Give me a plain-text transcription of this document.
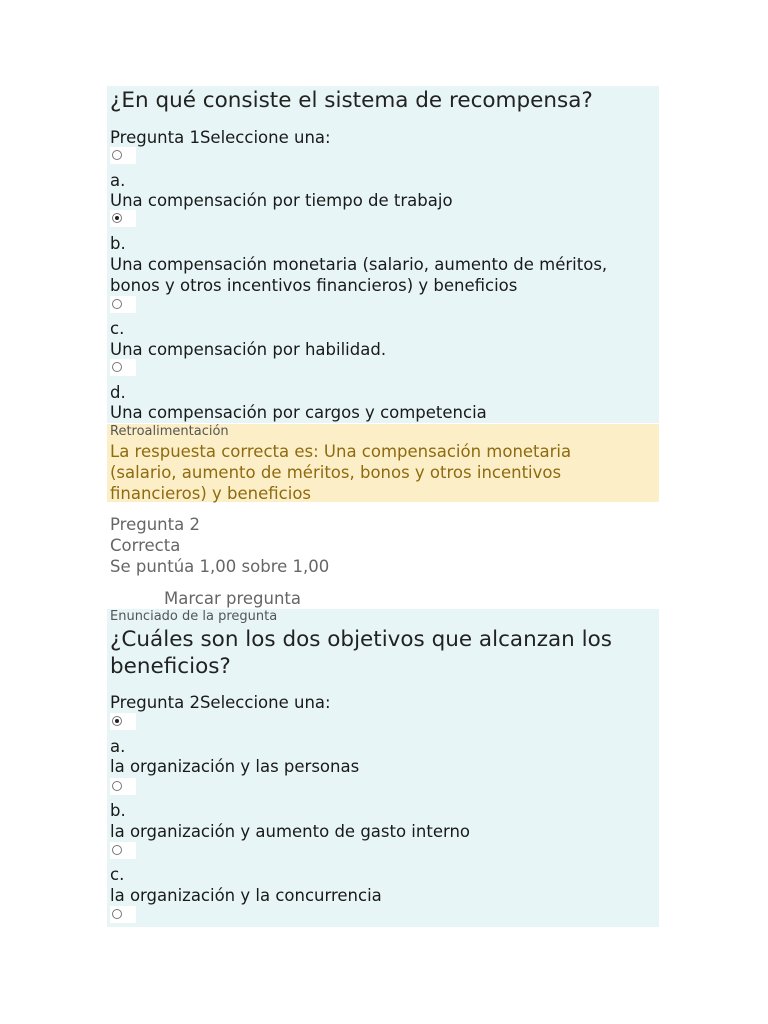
¿En qué consiste el sistema de recompensa?
Pregunta 1Seleccione una:
a.
Una compensación por tiempo de trabajo
b.
Una compensación monetaria (salario, aumento de méritos,
bonos y otros incentivos financieros) y beneficios
c.
Una compensación por habilidad.
d.
Una compensación por cargos y competencia
Retroalimentación
La respuesta correcta es: Una compensación monetaria
(salario, aumento de méritos, bonos y otros incentivos
financieros) y beneficios
Pregunta 2
Correcta
Se puntúa 1,00 sobre 1,00
Marcar pregunta
Enunciado de la pregunta
¿Cuáles son los dos objetivos que alcanzan los
beneficios?
Pregunta 2Seleccione una:
a.
la organización y las personas
b.
la organización y aumento de gasto interno
c.
la organización y la concurrencia
